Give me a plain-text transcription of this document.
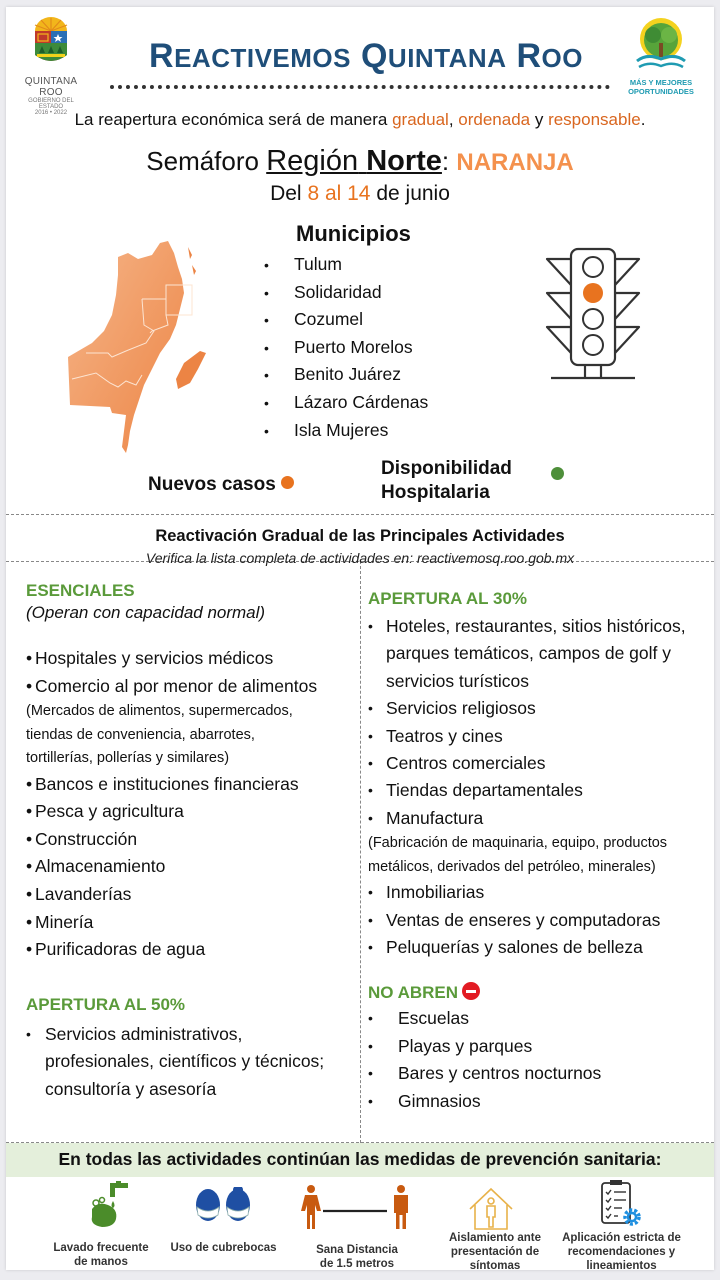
QUINTANA ROO
GOBIERNO DEL ESTADO
2016 • 2022
REACTIVEMOS QUINTANA ROO
MÁS Y MEJORES
OPORTUNIDADES
La reapertura económica será de manera gradual, ordenada y responsable.
Semáforo Región Norte: NARANJA
Del 8 al 14 de junio
Municipios
• Tulum
• Solidaridad
• Cozumel
• Puerto Morelos
• Benito Juárez
• Lázaro Cárdenas
• Isla Mujeres
Nuevos casos
Disponibilidad
Hospitalaria
Reactivación Gradual de las Principales Actividades
Verifica la lista completa de actividades en: reactivemosq.roo.gob.mx
ESENCIALES
(Operan con capacidad normal)
• Hospitales y servicios médicos
• Comercio al por menor de alimentos
(Mercados de alimentos, supermercados,
tiendas de conveniencia, abarrotes,
tortillerías, pollerías y similares)
• Bancos e instituciones financieras
• Pesca y agricultura
• Construcción
• Almacenamiento
• Lavanderías
• Minería
• Purificadoras de agua
APERTURA AL 50%
• Servicios administrativos, profesionales, científicos y técnicos; consultoría y asesoría
APERTURA AL 30%
• Hoteles, restaurantes, sitios históricos, parques temáticos, campos de golf y servicios turísticos
• Servicios religiosos
• Teatros y cines
• Centros comerciales
• Tiendas departamentales
• Manufactura
(Fabricación de maquinaria, equipo, productos
metálicos, derivados del petróleo, minerales)
• Inmobiliarias
• Ventas de enseres y computadoras
• Peluquerías y salones de belleza
NO ABREN
• Escuelas
• Playas y parques
• Bares y centros nocturnos
• Gimnasios
En todas las actividades continúan las medidas de prevención sanitaria:
Lavado frecuente
de manos
Uso de cubrebocas	Sana Distancia
de 1.5 metros
Aislamiento ante
presentación de
síntomas
Aplicación estricta de
recomendaciones y
lineamientos
